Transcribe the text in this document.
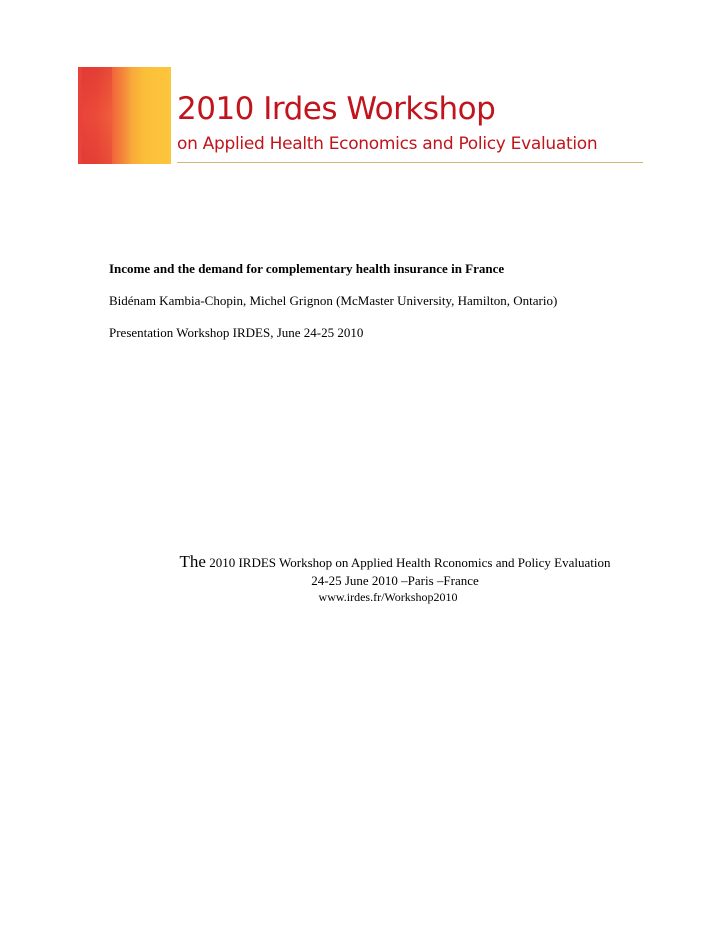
2010 Irdes Workshop
on Applied Health Economics and Policy Evaluation
Income and the demand for complementary health insurance in France
Bidénam Kambia-Chopin, Michel Grignon (McMaster University, Hamilton, Ontario)
Presentation Workshop IRDES, June 24-25 2010
The 2010 IRDES Workshop on Applied Health Rconomics and Policy Evaluation
24-25 June 2010 –Paris –France
www.irdes.fr/Workshop2010
